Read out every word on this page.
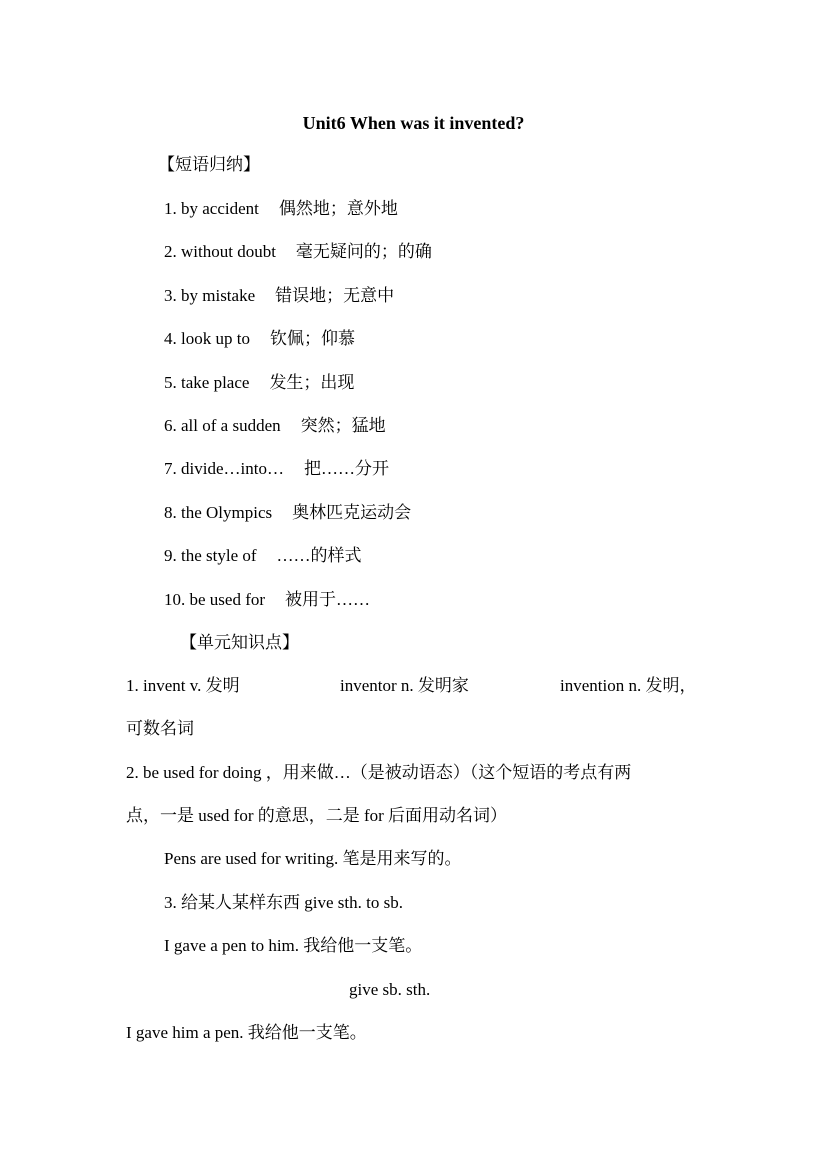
Unit6 When was it invented?
【短语归纳】
1. by accident 偶然地；意外地
2. without doubt 毫无疑问的；的确
3. by mistake 错误地；无意中
4. look up to 钦佩；仰慕
5. take place 发生；出现
6. all of a sudden 突然；猛地
7. divide…into… 把……分开
8. the Olympics 奥林匹克运动会
9. the style of ……的样式
10. be used for 被用于……
【单元知识点】
1. invent v. 发明	inventor n. 发明家	invention n. 发明，
可数名词
2. be used for doing ，用来做…（是被动语态）（这个短语的考点有两
点，一是 used for 的意思，二是 for 后面用动名词）
Pens are used for writing. 笔是用来写的。
3. 给某人某样东西 give sth. to sb.
I gave a pen to him. 我给他一支笔。
give sb. sth.
I gave him a pen. 我给他一支笔。
